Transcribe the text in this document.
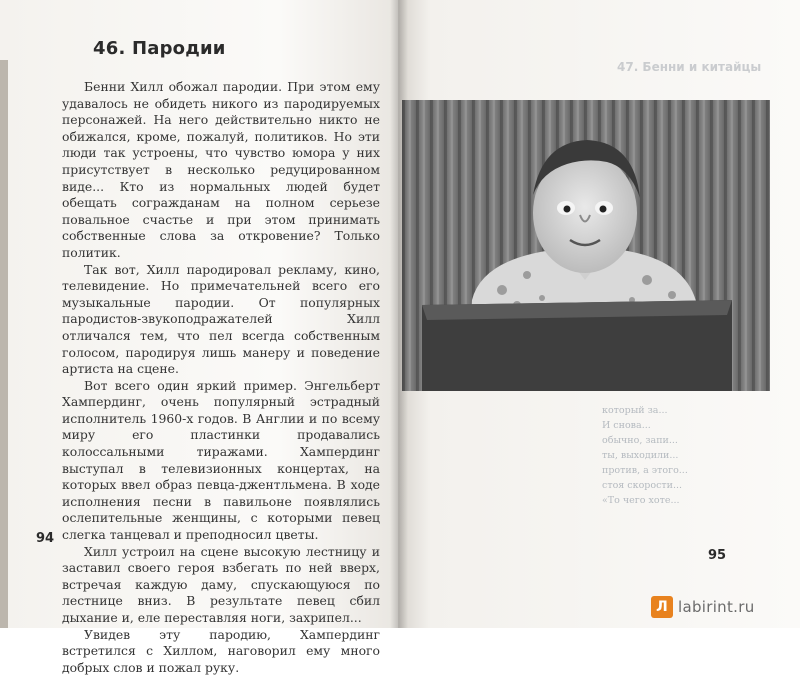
46. Пародии

Бенни Хилл обожал пародии. При этом ему удавалось не обидеть никого из пародируемых персонажей. На него действительно никто не обижался, кроме, пожалуй, политиков. Но эти люди так устроены, что чувство юмора у них присутствует в несколько редуцированном виде... Кто из нормальных людей будет обещать согражданам на полном серьезе повальное счастье и при этом принимать собственные слова за откровение? Только политик.

Так вот, Хилл пародировал рекламу, кино, телевидение. Но примечательней всего его музыкальные пародии. От популярных пародистов-звукоподражателей Хилл отличался тем, что пел всегда собственным голосом, пародируя лишь манеру и поведение артиста на сцене.

Вот всего один яркий пример. Энгельберт Хампердинг, очень популярный эстрадный исполнитель 1960-х годов. В Англии и по всему миру его пластинки продавались колоссальными тиражами. Хампердинг выступал в телевизионных концертах, на которых ввел образ певца-джентльмена. В ходе исполнения песни в павильоне появлялись ослепительные женщины, с которыми певец слегка танцевал и преподносил цветы.

Хилл устроил на сцене высокую лестницу и заставил своего героя взбегать по ней вверх, встречая каждую даму, спускающуюся по лестнице вниз. В результате певец сбил дыхание и, еле переставляя ноги, захрипел...

Увидев эту пародию, Хампердинг встретился с Хиллом, наговорил ему много добрых слов и пожал руку.

94
47. Бенни и китайцы
который за...
И снова...
обычно, запи...
ты, выходили...
против, а этого...
стоя скорости...
«То чего хоте...
95
Л labirint.ru
